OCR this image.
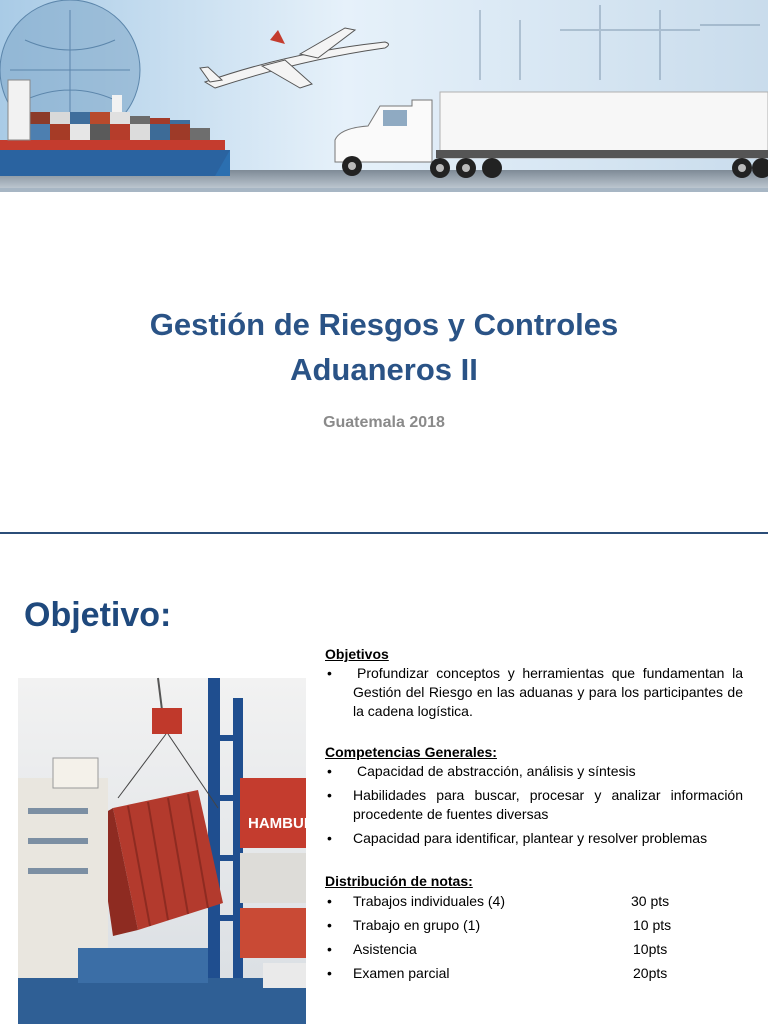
Gestión de Riesgos y Controles
Aduaneros II
Guatemala 2018
Objetivo:
HAMBURG

Objetivos

• Profundizar conceptos y herramientas que fundamentan la Gestión del Riesgo en las aduanas y para los participantes de la cadena logística.

Competencias Generales:

• Capacidad de abstracción, análisis y síntesis
• Habilidades para buscar, procesar y analizar información procedente de fuentes diversas
• Capacidad para identificar, plantear y resolver problemas

Distribución de notas:

• Trabajos individuales (4)	30 pts
• Trabajo en grupo (1)	10 pts
• Asistencia	10pts
• Examen parcial	20pts
